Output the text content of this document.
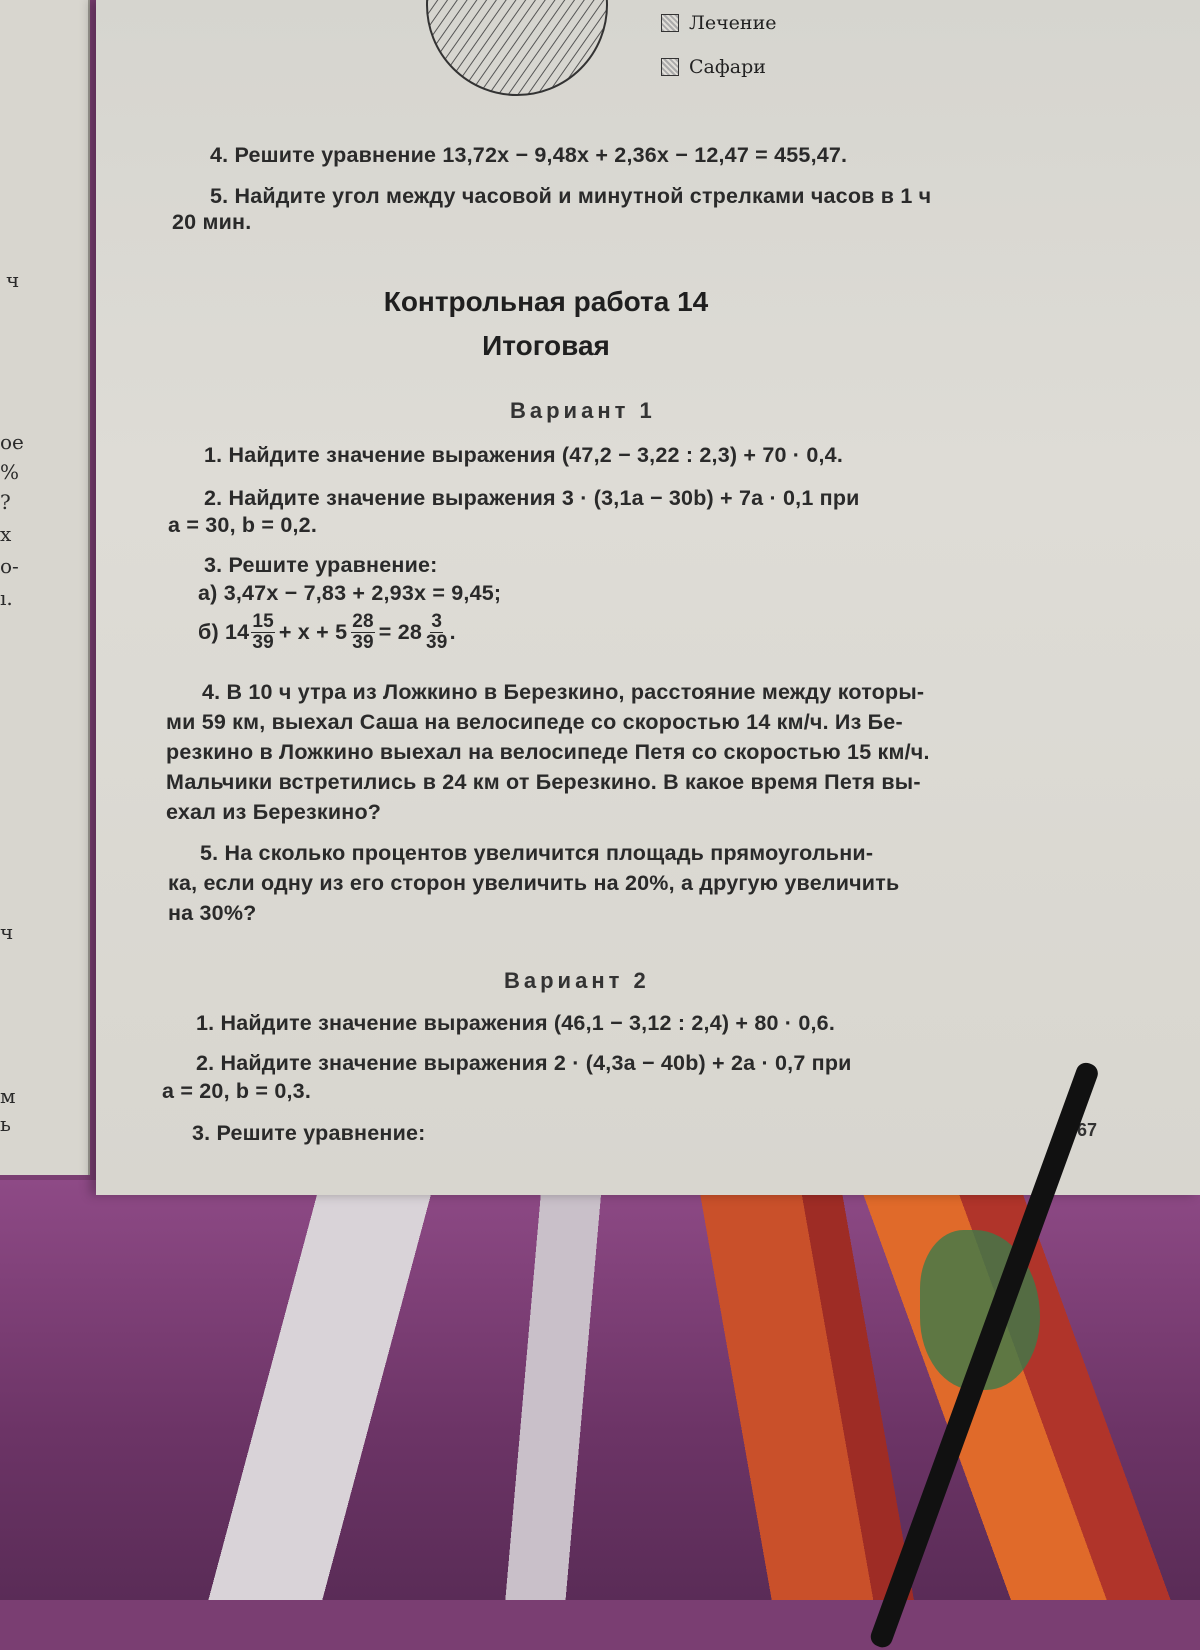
ч
ое
%
?
х
о-
ı.
ч
м
ь
Лечение
Сафари
4. Решите уравнение 13,72x − 9,48x + 2,36x − 12,47 = 455,47.
5. Найдите угол между часовой и минутной стрелками часов в 1 ч
20 мин.
Контрольная работа 14
Итоговая
Вариант 1
1. Найдите значение выражения (47,2 − 3,22 : 2,3) + 70 · 0,4.
2. Найдите значение выражения 3 · (3,1a − 30b) + 7a · 0,1 при
a = 30, b = 0,2.
3. Решите уравнение:
а) 3,47x − 7,83 + 2,93x = 9,45;
б) $14 \frac{15}{39} + x + 5 \frac{28}{39} = 28 \frac{3}{39}$ .
4. В 10 ч утра из Ложкино в Березкино, расстояние между которы-
ми 59 км, выехал Саша на велосипеде со скоростью 14 км/ч. Из Бе-
резкино в Ложкино выехал на велосипеде Петя со скоростью 15 км/ч.
Мальчики встретились в 24 км от Березкино. В какое время Петя вы-
ехал из Березкино?
5. На сколько процентов увеличится площадь прямоугольни-
ка, если одну из его сторон увеличить на 20%, а другую увеличить
на 30%?
Вариант 2
1. Найдите значение выражения (46,1 − 3,12 : 2,4) + 80 · 0,6.
2. Найдите значение выражения 2 · (4,3a − 40b) + 2a · 0,7 при
a = 20, b = 0,3.
3. Решите уравнение:	67
